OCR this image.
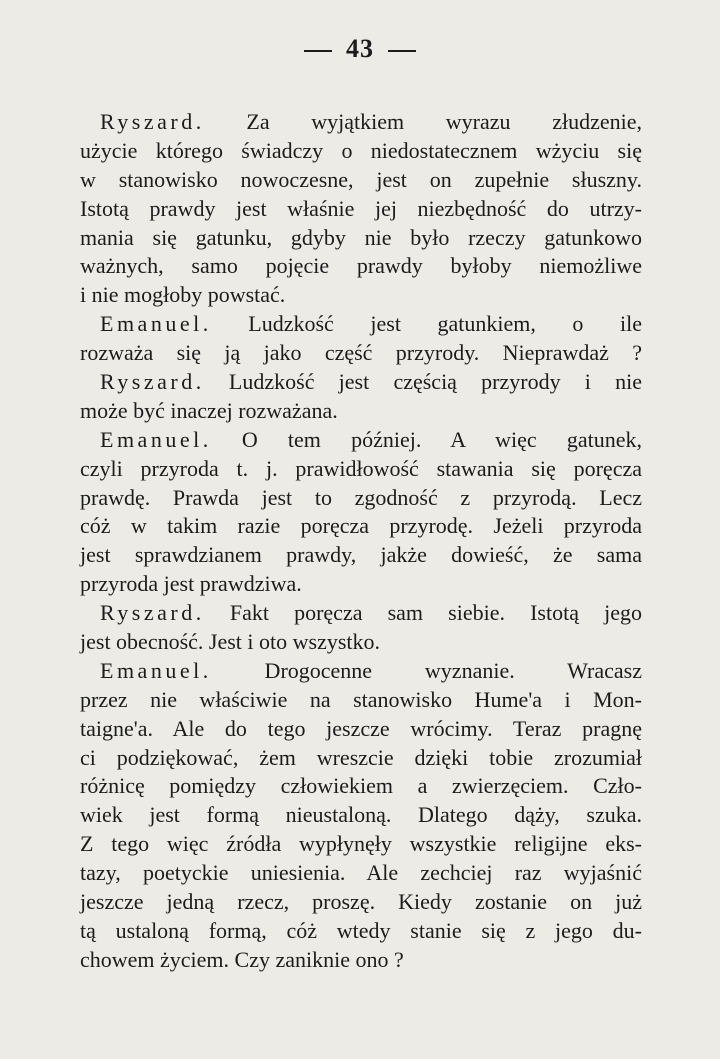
43
Ryszard. Za wyjątkiem wyrazu złudzenie,
użycie którego świadczy o niedostatecznem wżyciu się
w stanowisko nowoczesne, jest on zupełnie słuszny.
Istotą prawdy jest właśnie jej niezbędność do utrzy-
mania się gatunku, gdyby nie było rzeczy gatunkowo
ważnych, samo pojęcie prawdy byłoby niemożliwe
i nie mogłoby powstać.
Emanuel. Ludzkość jest gatunkiem, o ile
rozważa się ją jako część przyrody. Nieprawdaż ?
Ryszard. Ludzkość jest częścią przyrody i nie
może być inaczej rozważana.
Emanuel. O tem później. A więc gatunek,
czyli przyroda t. j. prawidłowość stawania się poręcza
prawdę. Prawda jest to zgodność z przyrodą. Lecz
cóż w takim razie poręcza przyrodę. Jeżeli przyroda
jest sprawdzianem prawdy, jakże dowieść, że sama
przyroda jest prawdziwa.
Ryszard. Fakt poręcza sam siebie. Istotą jego
jest obecność. Jest i oto wszystko.
Emanuel. Drogocenne wyznanie. Wracasz
przez nie właściwie na stanowisko Hume'a i Mon-
taigne'a. Ale do tego jeszcze wrócimy. Teraz pragnę
ci podziękować, żem wreszcie dzięki tobie zrozumiał
różnicę pomiędzy człowiekiem a zwierzęciem. Czło-
wiek jest formą nieustaloną. Dlatego dąży, szuka.
Z tego więc źródła wypłynęły wszystkie religijne eks-
tazy, poetyckie uniesienia. Ale zechciej raz wyjaśnić
jeszcze jedną rzecz, proszę. Kiedy zostanie on już
tą ustaloną formą, cóż wtedy stanie się z jego du-
chowem życiem. Czy zaniknie ono ?
